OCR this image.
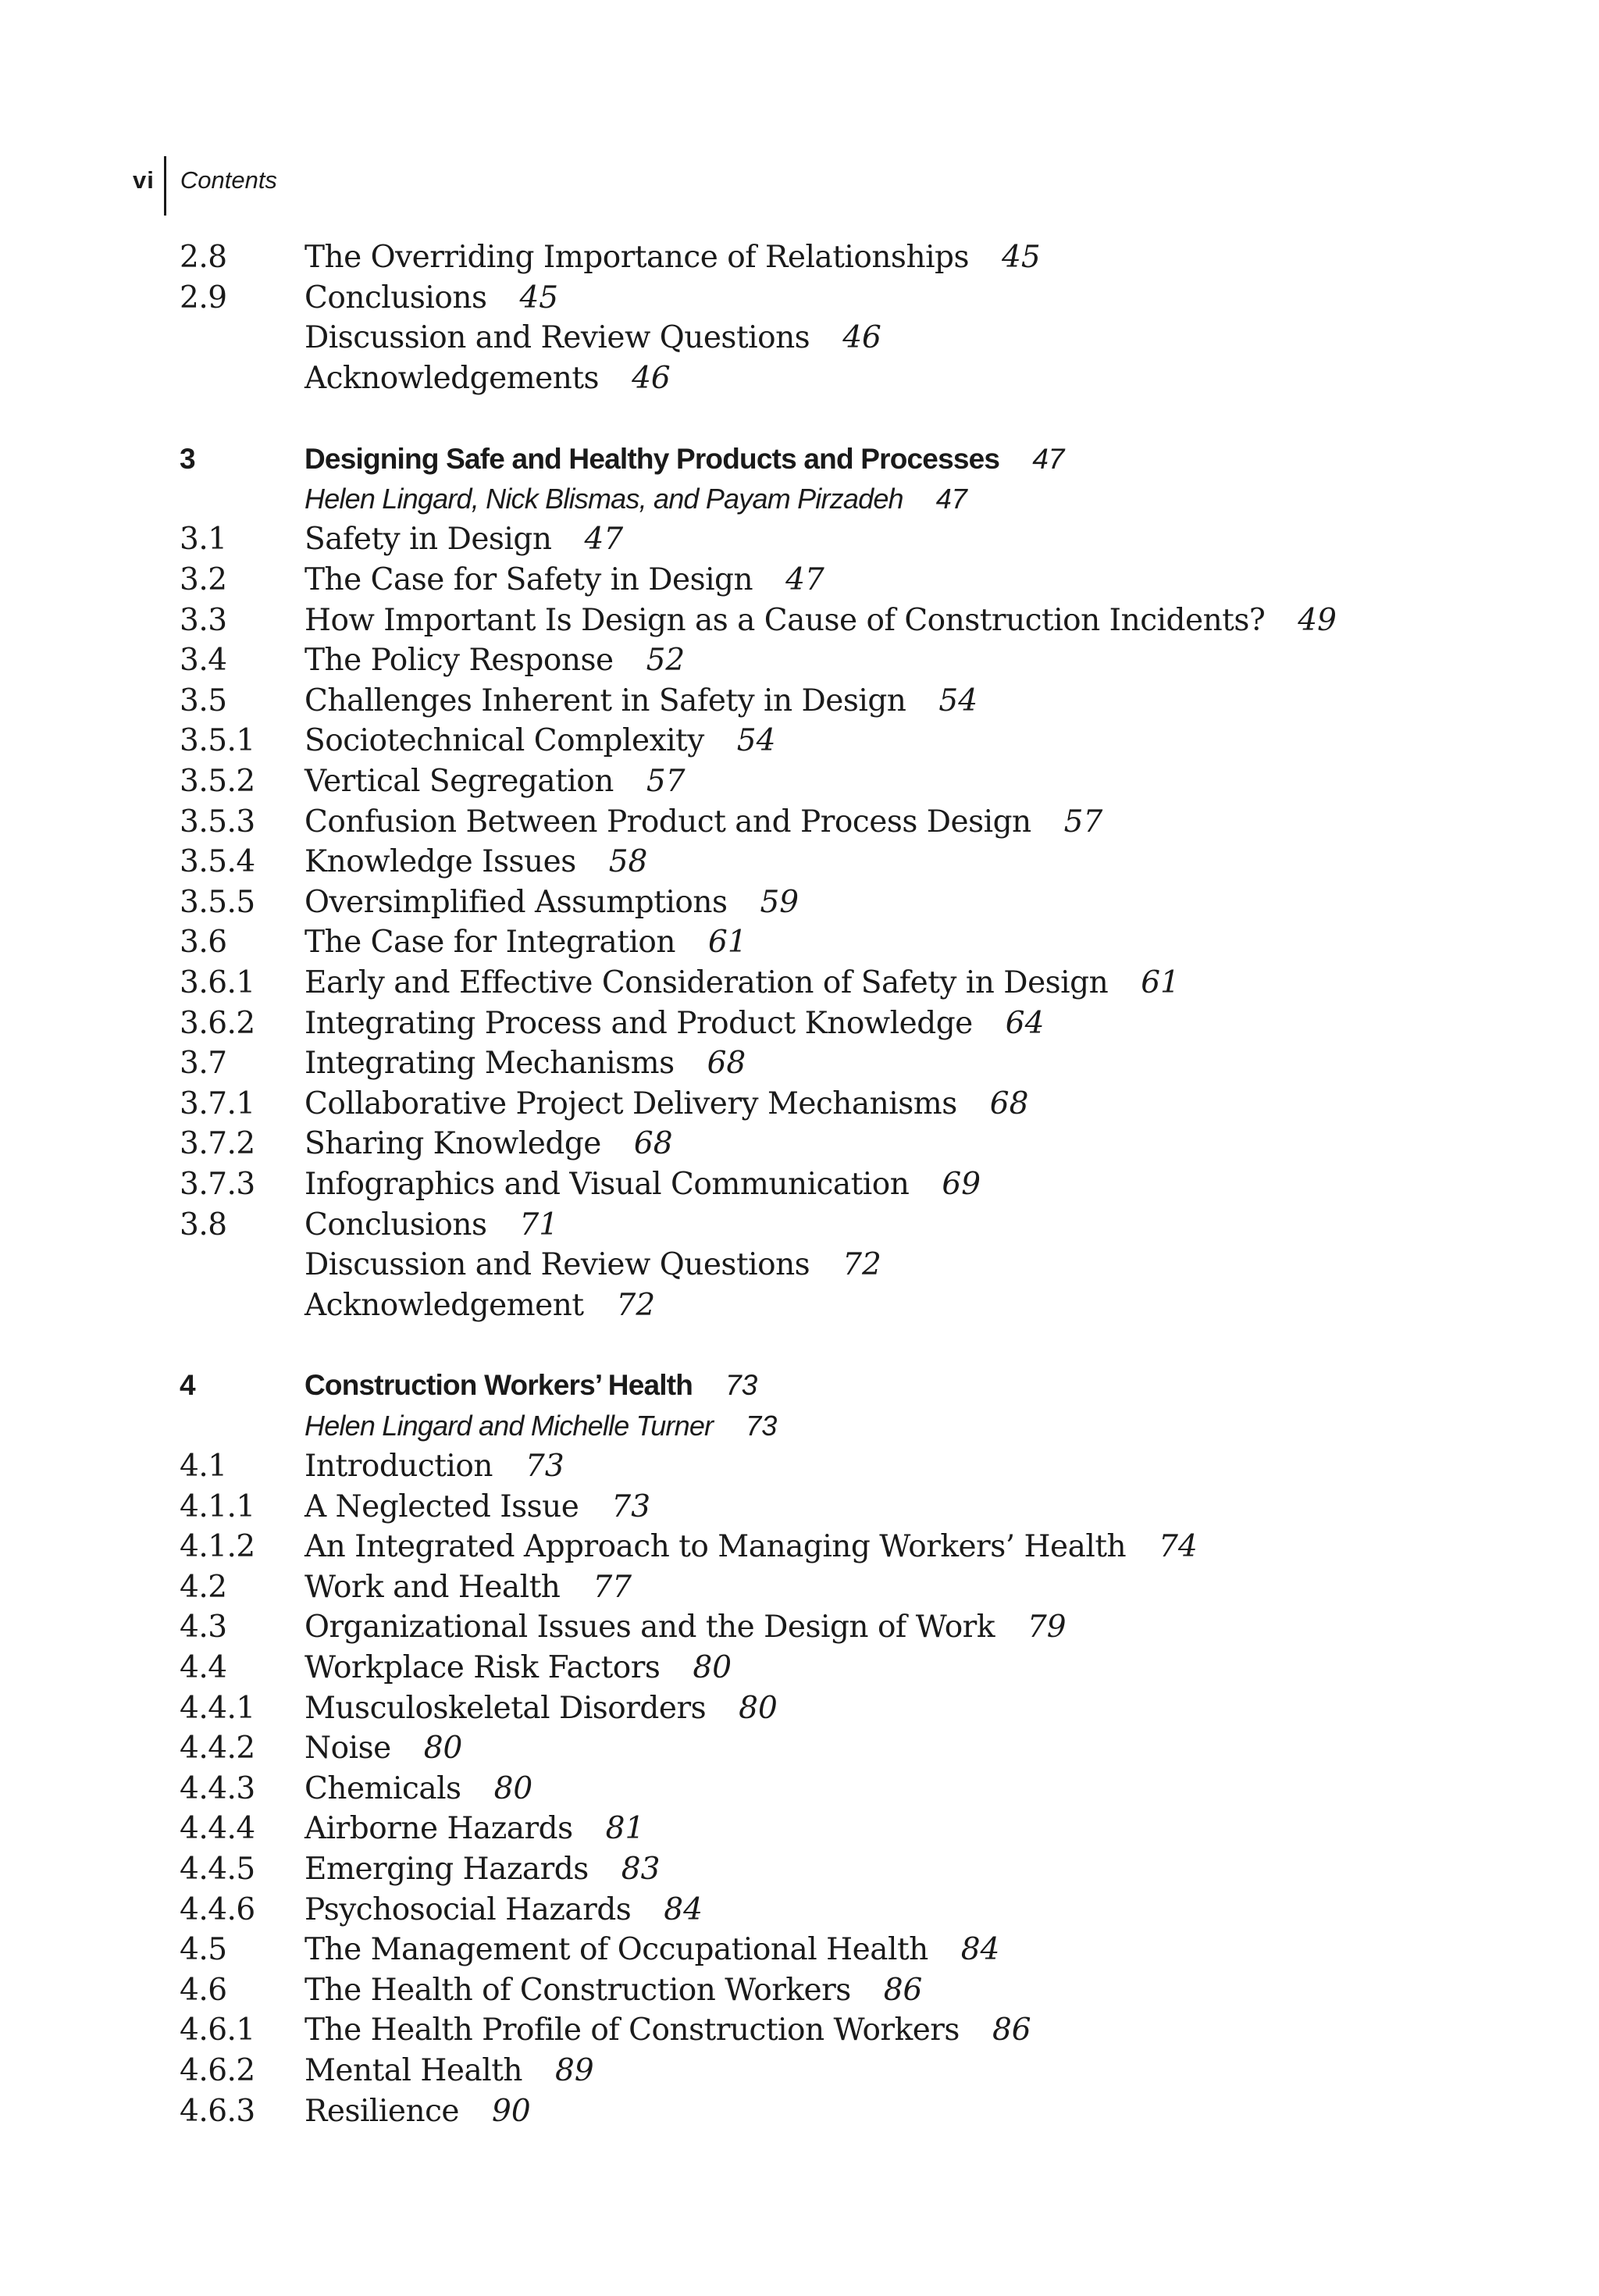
vi Contents
2.8	The Overriding Importance of Relationships 45
2.9	Conclusions 45
Discussion and Review Questions 46
Acknowledgements 46
3	Designing Safe and Healthy Products and Processes 47
Helen Lingard, Nick Blismas, and Payam Pirzadeh 47
3.1	Safety in Design 47
3.2	The Case for Safety in Design 47
3.3	How Important Is Design as a Cause of Construction Incidents? 49
3.4	The Policy Response 52
3.5	Challenges Inherent in Safety in Design 54
3.5.1	Sociotechnical Complexity 54
3.5.2	Vertical Segregation 57
3.5.3	Confusion Between Product and Process Design 57
3.5.4	Knowledge Issues 58
3.5.5	Oversimplified Assumptions 59
3.6	The Case for Integration 61
3.6.1	Early and Effective Consideration of Safety in Design 61
3.6.2	Integrating Process and Product Knowledge 64
3.7	Integrating Mechanisms 68
3.7.1	Collaborative Project Delivery Mechanisms 68
3.7.2	Sharing Knowledge 68
3.7.3	Infographics and Visual Communication 69
3.8	Conclusions 71
Discussion and Review Questions 72
Acknowledgement 72
4	Construction Workers’ Health 73
Helen Lingard and Michelle Turner 73
4.1	Introduction 73
4.1.1	A Neglected Issue 73
4.1.2	An Integrated Approach to Managing Workers’ Health 74
4.2	Work and Health 77
4.3	Organizational Issues and the Design of Work 79
4.4	Workplace Risk Factors 80
4.4.1	Musculoskeletal Disorders 80
4.4.2	Noise 80
4.4.3	Chemicals 80
4.4.4	Airborne Hazards 81
4.4.5	Emerging Hazards 83
4.4.6	Psychosocial Hazards 84
4.5	The Management of Occupational Health 84
4.6	The Health of Construction Workers 86
4.6.1	The Health Profile of Construction Workers 86
4.6.2	Mental Health 89
4.6.3	Resilience 90
